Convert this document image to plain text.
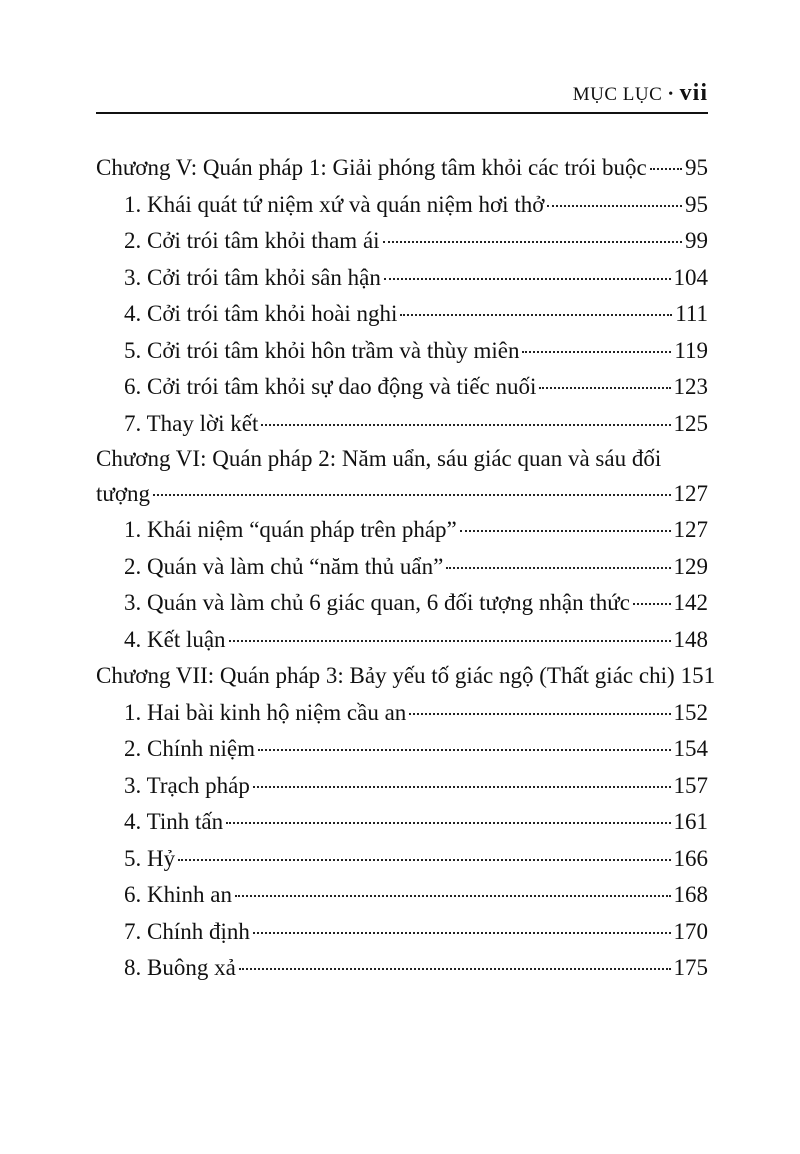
MỤC LỤC • vii
Chương V: Quán pháp 1: Giải phóng tâm khỏi các trói buộc 95
1. Khái quát tứ niệm xứ và quán niệm hơi thở	95
2. Cởi trói tâm khỏi tham ái	99
3. Cởi trói tâm khỏi sân hận	104
4. Cởi trói tâm khỏi hoài nghi	111
5. Cởi trói tâm khỏi hôn trầm và thùy miên	119
6. Cởi trói tâm khỏi sự dao động và tiếc nuối	123
7. Thay lời kết	125
Chương VI: Quán pháp 2: Năm uẩn, sáu giác quan và sáu đối
tượng	127
1. Khái niệm “quán pháp trên pháp”	127
2. Quán và làm chủ “năm thủ uẩn”	129
3. Quán và làm chủ 6 giác quan, 6 đối tượng nhận thức 142
4. Kết luận	148
Chương VII: Quán pháp 3: Bảy yếu tố giác ngộ (Thất giác chi) 151
1. Hai bài kinh hộ niệm cầu an	152
2. Chính niệm	154
3. Trạch pháp	157
4. Tinh tấn	161
5. Hỷ	166
6. Khinh an	168
7. Chính định	170
8. Buông xả	175
